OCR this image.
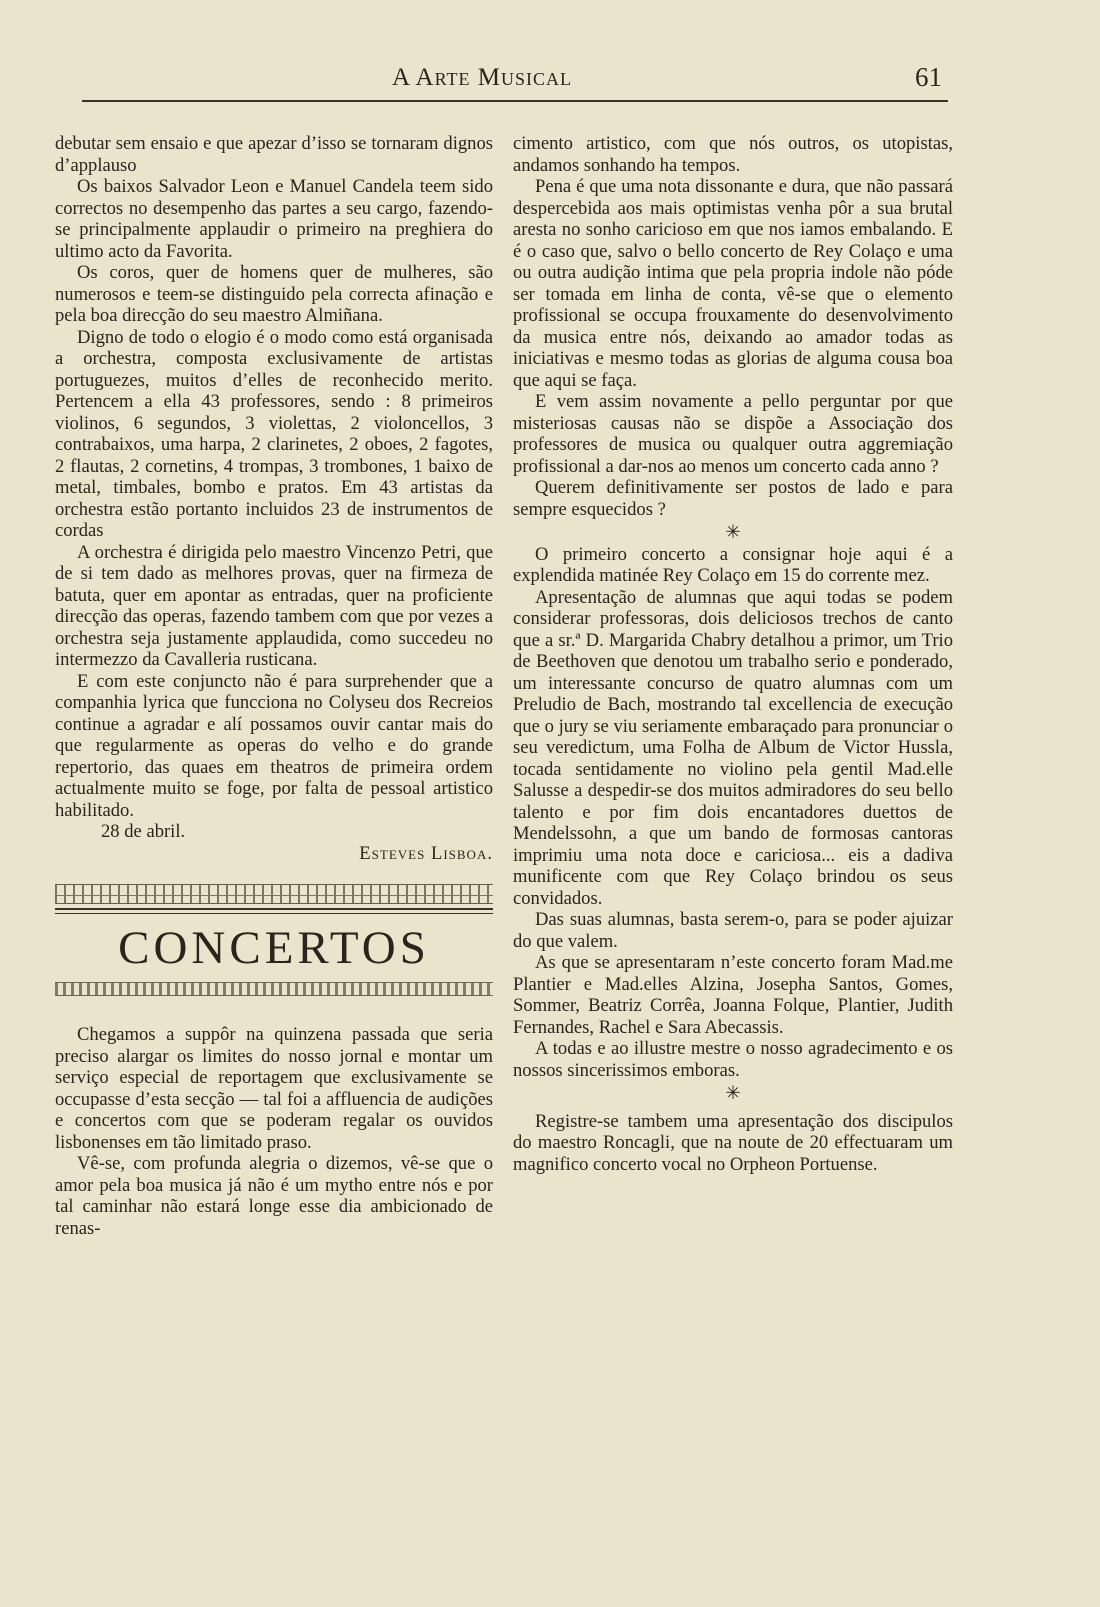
A Arte Musical	61

debutar sem ensaio e que apezar d’isso se tornaram dignos d’applauso

Os baixos Salvador Leon e Manuel Candela teem sido correctos no desempenho das partes a seu cargo, fazendo-se principalmente applaudir o primeiro na preghiera do ultimo acto da Favorita.

Os coros, quer de homens quer de mulheres, são numerosos e teem-se distinguido pela correcta afinação e pela boa direcção do seu maestro Almiñana.

Digno de todo o elogio é o modo como está organisada a orchestra, composta exclusivamente de artistas portuguezes, muitos d’elles de reconhecido merito. Pertencem a ella 43 professores, sendo : 8 primeiros violinos, 6 segundos, 3 violettas, 2 violoncellos, 3 contrabaixos, uma harpa, 2 clarinetes, 2 oboes, 2 fagotes, 2 flautas, 2 cornetins, 4 trompas, 3 trombones, 1 baixo de metal, timbales, bombo e pratos. Em 43 artistas da orchestra estão portanto incluidos 23 de instrumentos de cordas

A orchestra é dirigida pelo maestro Vincenzo Petri, que de si tem dado as melhores provas, quer na firmeza de batuta, quer em apontar as entradas, quer na proficiente direcção das operas, fazendo tambem com que por vezes a orchestra seja justamente applaudida, como succedeu no intermezzo da Cavalleria rusticana.

E com este conjuncto não é para surprehender que a companhia lyrica que funcciona no Colyseu dos Recreios continue a agradar e alí possamos ouvir cantar mais do que regularmente as operas do velho e do grande repertorio, das quaes em theatros de primeira ordem actualmente muito se foge, por falta de pessoal artistico habilitado.

28 de abril.

Esteves Lisboa.

CONCERTOS

Chegamos a suppôr na quinzena passada que seria preciso alargar os limites do nosso jornal e montar um serviço especial de reportagem que exclusivamente se occupasse d’esta secção — tal foi a affluencia de audições e concertos com que se poderam regalar os ouvidos lisbonenses em tão limitado praso.

Vê-se, com profunda alegria o dizemos, vê-se que o amor pela boa musica já não é um mytho entre nós e por tal caminhar não estará longe esse dia ambicionado de renas-

cimento artistico, com que nós outros, os utopistas, andamos sonhando ha tempos.

Pena é que uma nota dissonante e dura, que não passará despercebida aos mais optimistas venha pôr a sua brutal aresta no sonho caricioso em que nos iamos embalando. E é o caso que, salvo o bello concerto de Rey Colaço e uma ou outra audição intima que pela propria indole não póde ser tomada em linha de conta, vê-se que o elemento profissional se occupa frouxamente do desenvolvimento da musica entre nós, deixando ao amador todas as iniciativas e mesmo todas as glorias de alguma cousa boa que aqui se faça.

E vem assim novamente a pello perguntar por que misteriosas causas não se dispõe a Associação dos professores de musica ou qualquer outra aggremiação profissional a dar-nos ao menos um concerto cada anno ?

Querem definitivamente ser postos de lado e para sempre esquecidos ?

✳

O primeiro concerto a consignar hoje aqui é a explendida matinée Rey Colaço em 15 do corrente mez.

Apresentação de alumnas que aqui todas se podem considerar professoras, dois deliciosos trechos de canto que a sr.ª D. Margarida Chabry detalhou a primor, um Trio de Beethoven que denotou um trabalho serio e ponderado, um interessante concurso de quatro alumnas com um Preludio de Bach, mostrando tal excellencia de execução que o jury se viu seriamente embaraçado para pronunciar o seu veredictum, uma Folha de Album de Victor Hussla, tocada sentidamente no violino pela gentil Mad.elle Salusse a despedir-se dos muitos admiradores do seu bello talento e por fim dois encantadores duettos de Mendelssohn, a que um bando de formosas cantoras imprimiu uma nota doce e cariciosa... eis a dadiva munificente com que Rey Colaço brindou os seus convidados.

Das suas alumnas, basta serem-o, para se poder ajuizar do que valem.

As que se apresentaram n’este concerto foram Mad.me Plantier e Mad.elles Alzina, Josepha Santos, Gomes, Sommer, Beatriz Corrêa, Joanna Folque, Plantier, Judith Fernandes, Rachel e Sara Abecassis.

A todas e ao illustre mestre o nosso agradecimento e os nossos sincerissimos emboras.

✳

Registre-se tambem uma apresentação dos discipulos do maestro Roncagli, que na noute de 20 effectuaram um magnifico concerto vocal no Orpheon Portuense.
